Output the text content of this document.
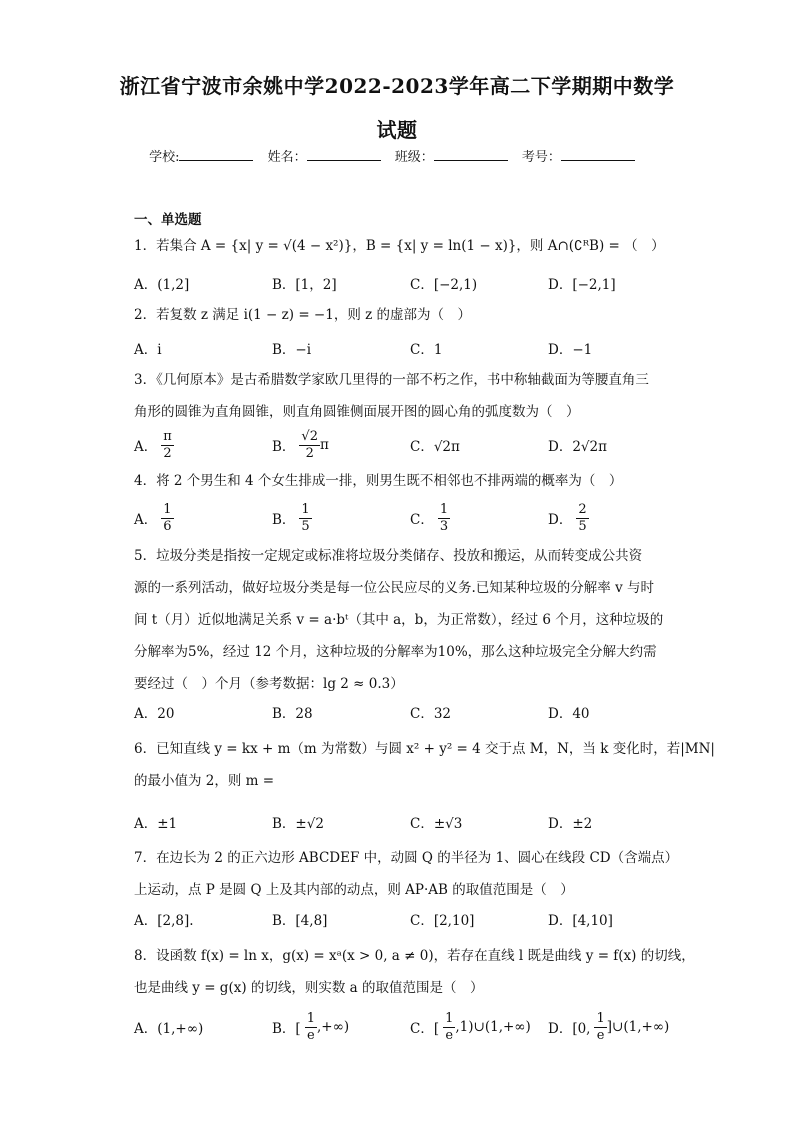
浙江省宁波市余姚中学2022-2023学年高二下学期期中数学
试题
学校:	姓名：	班级：	考号：
一、单选题
1．若集合 A = {x| y = √(4 − x²)}，B = {x| y = ln(1 − x)}，则 A∩(∁ᴿB) = （　）
A．(1,2]	B．[1，2]	C．[−2,1)	D．[−2,1]
2．若复数 z 满足 i(1 − z) = −1，则 z 的虚部为（　）
A．i	B．−i	C．1	D．−1
3．《几何原本》是古希腊数学家欧几里得的一部不朽之作，书中称轴截面为等腰直角三
角形的圆锥为直角圆锥，则直角圆锥侧面展开图的圆心角的弧度数为（　）
A． $\frac{\pi}{2}$	B． $\frac{√2}{2}$ π	C．√2π	D．2√2π
4．将 2 个男生和 4 个女生排成一排，则男生既不相邻也不排两端的概率为（　）
A． $\frac{1}{6}$	B． $\frac{1}{5}$	C． $\frac{1}{3}$	D． $\frac{2}{5}$
5．垃圾分类是指按一定规定或标准将垃圾分类储存、投放和搬运，从而转变成公共资
源的一系列活动，做好垃圾分类是每一位公民应尽的义务.已知某种垃圾的分解率 v 与时
间 t（月）近似地满足关系 v = a·bᵗ（其中 a，b，为正常数），经过 6 个月，这种垃圾的
分解率为5%，经过 12 个月，这种垃圾的分解率为10%，那么这种垃圾完全分解大约需
要经过（　）个月（参考数据：lg 2 ≈ 0.3）
A．20	B．28	C．32	D．40
6．已知直线 y = kx + m（m 为常数）与圆 x² + y² = 4 交于点 M，N，当 k 变化时，若|MN|
的最小值为 2，则 m =
A．±1	B．±√2	C．±√3	D．±2
7．在边长为 2 的正六边形 ABCDEF 中，动圆 Q 的半径为 1、圆心在线段 CD（含端点）
上运动，点 P 是圆 Q 上及其内部的动点，则 AP·AB 的取值范围是（　）
A．[2,8].	B．[4,8]	C．[2,10]	D．[4,10]
8．设函数 f(x) = ln x，g(x) = xᵃ(x > 0, a ≠ 0)，若存在直线 l 既是曲线 y = f(x) 的切线，
也是曲线 y = g(x) 的切线，则实数 a 的取值范围是（　）
A．(1,+∞)	B．[ $\frac{1}{e}$ ,+∞)	C．[ $\frac{1}{e}$ ,1)∪(1,+∞) D．[0, $\frac{1}{e}$ ]∪(1,+∞)
